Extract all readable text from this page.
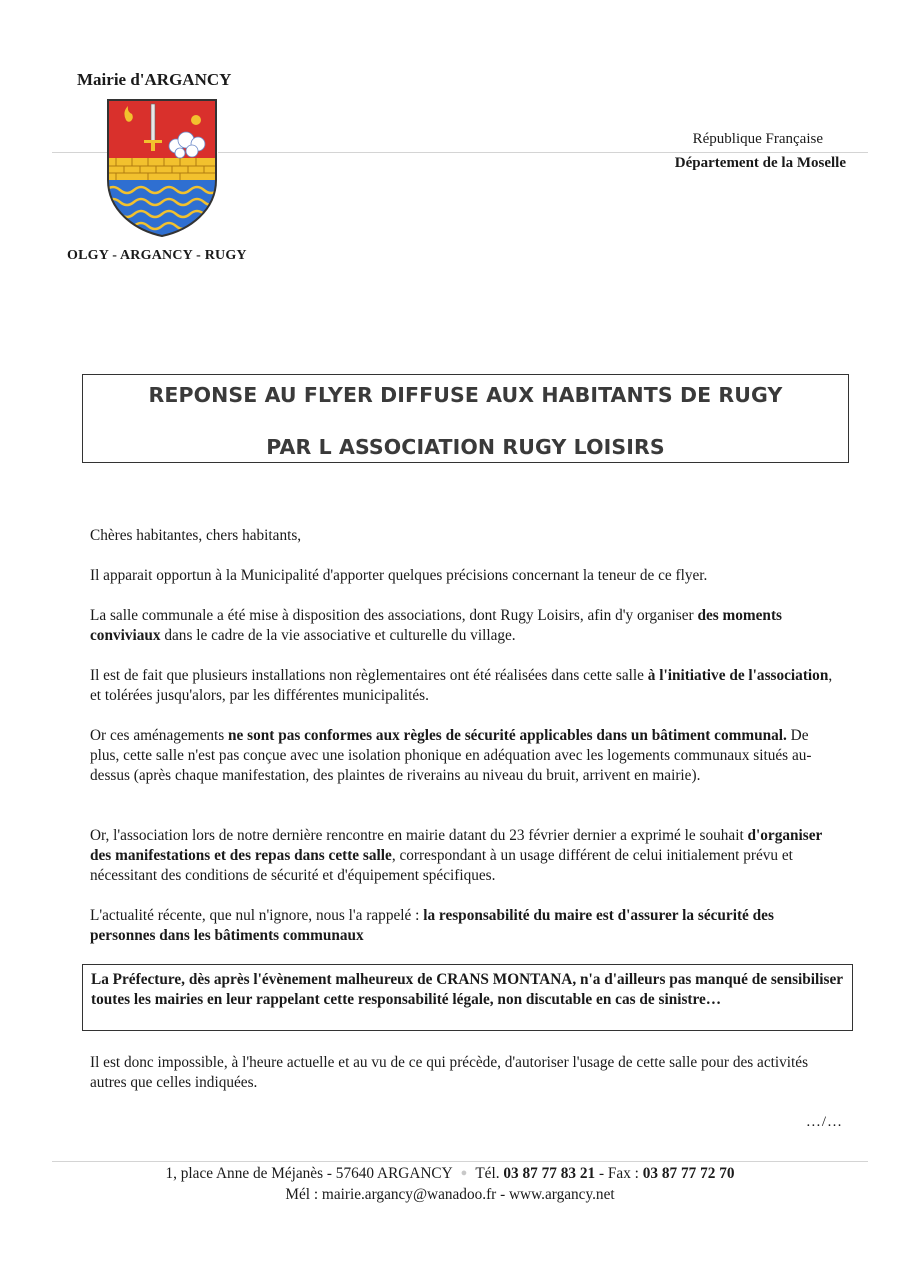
Mairie d'ARGANCY
OLGY - ARGANCY - RUGY
République Française
Département de la Moselle
REPONSE AU FLYER DIFFUSE AUX HABITANTS DE RUGY
PAR L ASSOCIATION RUGY LOISIRS
Chères habitantes, chers habitants,
Il apparait opportun à la Municipalité d'apporter quelques précisions concernant la teneur de ce flyer.
La salle communale a été mise à disposition des associations, dont Rugy Loisirs, afin d'y organiser des moments conviviaux dans le cadre de la vie associative et culturelle du village.
Il est de fait que plusieurs installations non règlementaires ont été réalisées dans cette salle à l'initiative de l'association, et tolérées jusqu'alors, par les différentes municipalités.
Or ces aménagements ne sont pas conformes aux règles de sécurité applicables dans un bâtiment communal. De plus, cette salle n'est pas conçue avec une isolation phonique en adéquation avec les logements communaux situés au-dessus (après chaque manifestation, des plaintes de riverains au niveau du bruit, arrivent en mairie).
Or, l'association lors de notre dernière rencontre en mairie datant du 23 février dernier a exprimé le souhait d'organiser des manifestations et des repas dans cette salle, correspondant à un usage différent de celui initialement prévu et nécessitant des conditions de sécurité et d'équipement spécifiques.
L'actualité récente, que nul n'ignore, nous l'a rappelé : la responsabilité du maire est d'assurer la sécurité des personnes dans les bâtiments communaux
La Préfecture, dès après l'évènement malheureux de CRANS MONTANA, n'a d'ailleurs pas manqué de sensibiliser toutes les mairies en leur rappelant cette responsabilité légale, non discutable en cas de sinistre…
Il est donc impossible, à l'heure actuelle et au vu de ce qui précède, d'autoriser l'usage de cette salle pour des activités autres que celles indiquées.
…/…
1, place Anne de Méjanès - 57640 ARGANCY ● Tél. 03 87 77 83 21 - Fax : 03 87 77 72 70
Mél : mairie.argancy@wanadoo.fr - www.argancy.net
